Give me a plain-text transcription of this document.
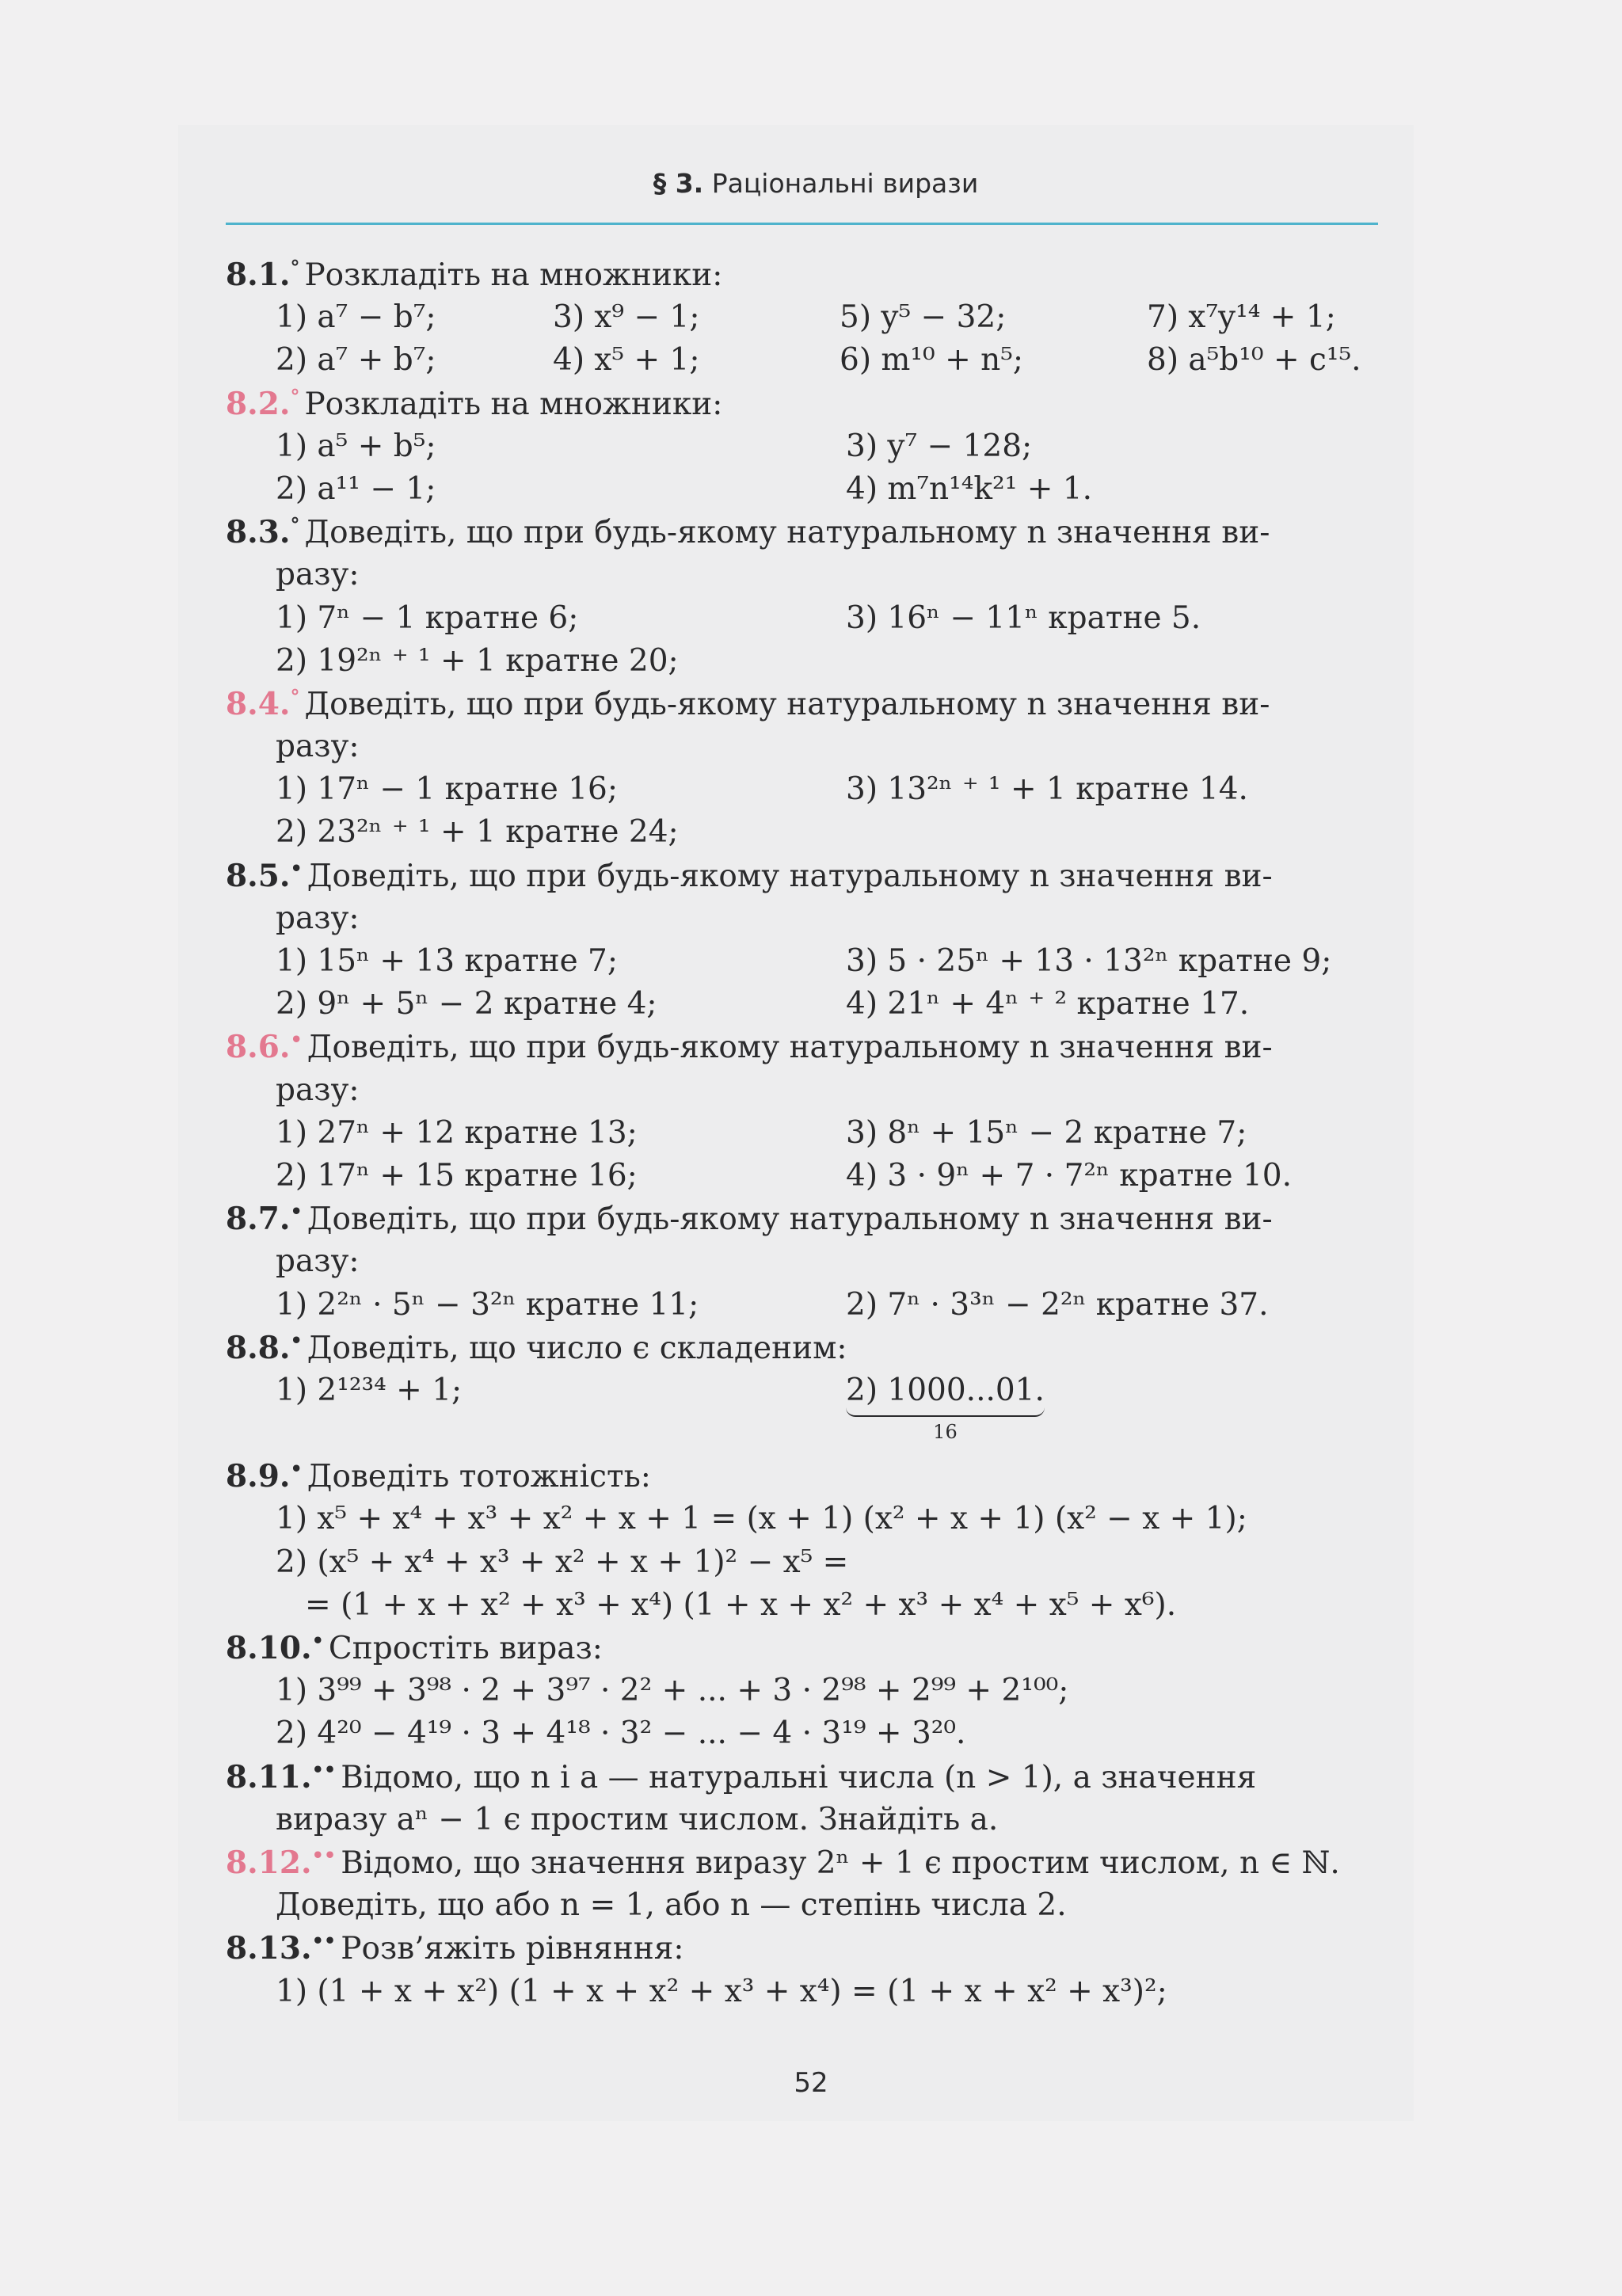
§ 3. Раціональні вирази
8.1.° Розкладіть на множники:
1) a⁷ − b⁷;	3) x⁹ − 1;	5) y⁵ − 32;	7) x⁷y¹⁴ + 1;
2) a⁷ + b⁷;	4) x⁵ + 1;	6) m¹⁰ + n⁵;	8) a⁵b¹⁰ + c¹⁵.
8.2.° Розкладіть на множники:
1) a⁵ + b⁵;	3) y⁷ − 128;
2) a¹¹ − 1;	4) m⁷n¹⁴k²¹ + 1.
8.3.° Доведіть, що при будь-якому натуральному n значення ви-
разу:
1) 7ⁿ − 1 кратне 6;	3) 16ⁿ − 11ⁿ кратне 5.
2) 19²ⁿ ⁺ ¹ + 1 кратне 20;
8.4.° Доведіть, що при будь-якому натуральному n значення ви-
разу:
1) 17ⁿ − 1 кратне 16;	3) 13²ⁿ ⁺ ¹ + 1 кратне 14.
2) 23²ⁿ ⁺ ¹ + 1 кратне 24;
8.5.• Доведіть, що при будь-якому натуральному n значення ви-
разу:
1) 15ⁿ + 13 кратне 7;	3) 5 · 25ⁿ + 13 · 13²ⁿ кратне 9;
2) 9ⁿ + 5ⁿ − 2 кратне 4;	4) 21ⁿ + 4ⁿ ⁺ ² кратне 17.
8.6.• Доведіть, що при будь-якому натуральному n значення ви-
разу:
1) 27ⁿ + 12 кратне 13;	3) 8ⁿ + 15ⁿ − 2 кратне 7;
2) 17ⁿ + 15 кратне 16;	4) 3 · 9ⁿ + 7 · 7²ⁿ кратне 10.
8.7.• Доведіть, що при будь-якому натуральному n значення ви-
разу:
1) 2²ⁿ · 5ⁿ − 3²ⁿ кратне 11;	2) 7ⁿ · 3³ⁿ − 2²ⁿ кратне 37.
8.8.• Доведіть, що число є складеним:
1) 2¹²³⁴ + 1;	2) 1000...01.
16
8.9.• Доведіть тотожність:
1) x⁵ + x⁴ + x³ + x² + x + 1 = (x + 1) (x² + x + 1) (x² − x + 1);
2) (x⁵ + x⁴ + x³ + x² + x + 1)² − x⁵ =
= (1 + x + x² + x³ + x⁴) (1 + x + x² + x³ + x⁴ + x⁵ + x⁶).
8.10.• Спростіть вираз:
1) 3⁹⁹ + 3⁹⁸ · 2 + 3⁹⁷ · 2² + ... + 3 · 2⁹⁸ + 2⁹⁹ + 2¹⁰⁰;
2) 4²⁰ − 4¹⁹ · 3 + 4¹⁸ · 3² − ... − 4 · 3¹⁹ + 3²⁰.
8.11.•• Відомо, що n і a — натуральні числа (n > 1), а значення
виразу aⁿ − 1 є простим числом. Знайдіть a.
8.12.•• Відомо, що значення виразу 2ⁿ + 1 є простим числом, n ∈ ℕ.
Доведіть, що або n = 1, або n — степінь числа 2.
8.13.•• Розв’яжіть рівняння:
1) (1 + x + x²) (1 + x + x² + x³ + x⁴) = (1 + x + x² + x³)²;
52
